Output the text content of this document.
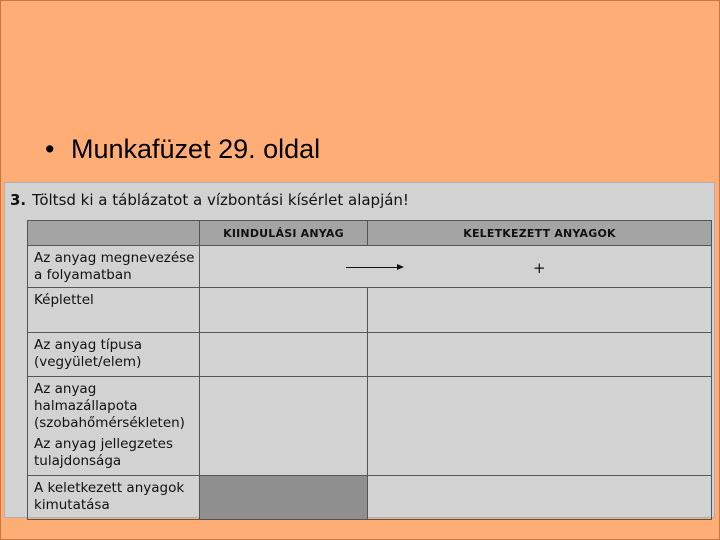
• Munkafüzet 29. oldal
3. Töltsd ki a táblázatot a vízbontási kísérlet alapján!
	KIINDULÁSI ANYAG	KELETKEZETT ANYAGOK

Az anyag megnevezése
a folyamatban		+

Képlettel		

Az anyag típusa
(vegyület/elem)		

Az anyag halmazállapota
(szobahőmérsékleten)		

Az anyag jellegzetes
tulajdonsága		

A keletkezett anyagok
kimutatása		
